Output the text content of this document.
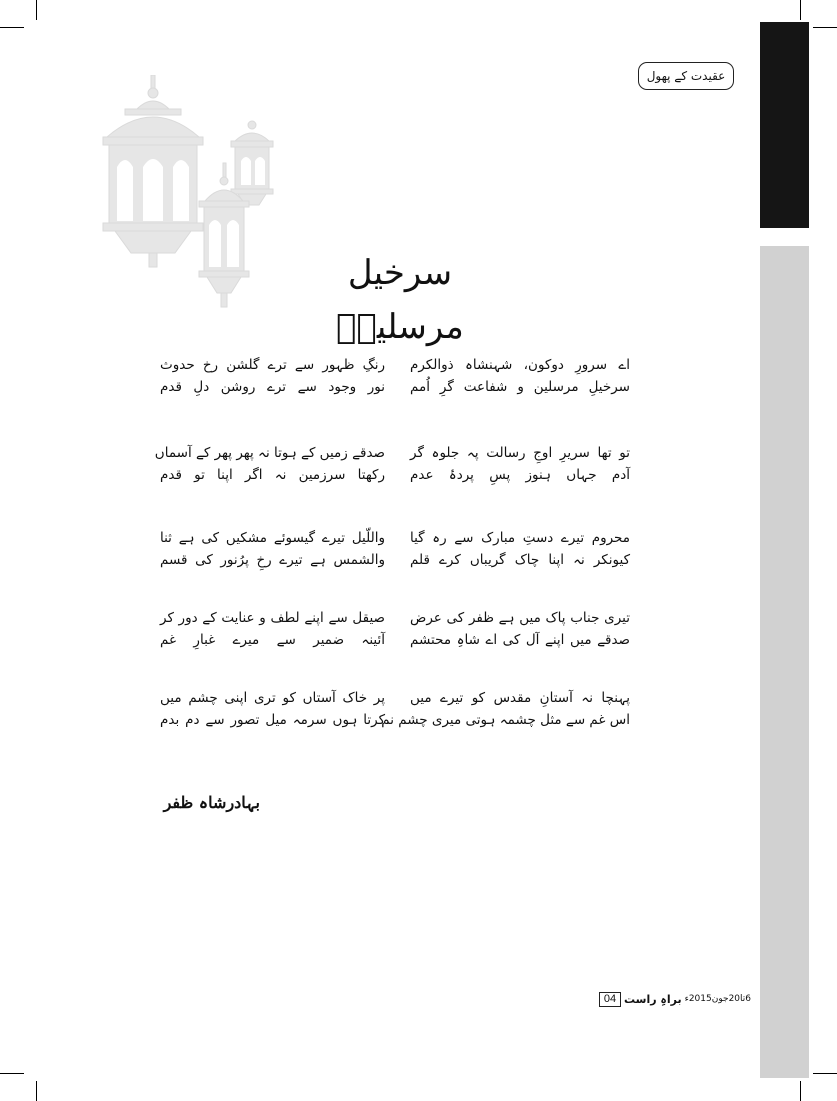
عقیدت کے پھول
سرخیل مرسلینؐ
اے سرورِ دوکون، شہنشاہ ذوالکرم
سرخیلِ مرسلین و شفاعت گرِ اُمم
رنگِ ظہور سے ترے گلشن رخ حدوث
نور وجود سے ترے روشن دلِ قدم
تو تھا سریرِ اوجِ رسالت پہ جلوہ گر
آدم جہاں ہنوز پسِ پردۂ عدم
صدقے زمیں کے ہوتا نہ پھر پھر کے آسماں
رکھتا سرزمین نہ اگر اپنا تو قدم
محروم تیرے دستِ مبارک سے رہ گیا
کیونکر نہ اپنا چاک گریباں کرے قلم
واللّیل تیرے گیسوئے مشکیں کی ہے ثنا
والشمس ہے تیرے رخِ پرُنور کی قسم
تیری جناب پاک میں ہے ظفر کی عرض
صدقے میں اپنے آل کی اے شاہِ محتشم
صیقل سے اپنے لطف و عنایت کے دور کر
آئینہ ضمیر سے میرے غبارِ غم
پہنچا نہ آستانِ مقدس کو تیرے میں
اس غم سے مثل چشمہ ہوتی میری چشم نم
پر خاک آستاں کو تری اپنی چشم میں
کرتا ہوں سرمہ میل تصور سے دم بدم
بہادرشاہ ظفر
04 براہِ راست 6تا20جون2015ء
